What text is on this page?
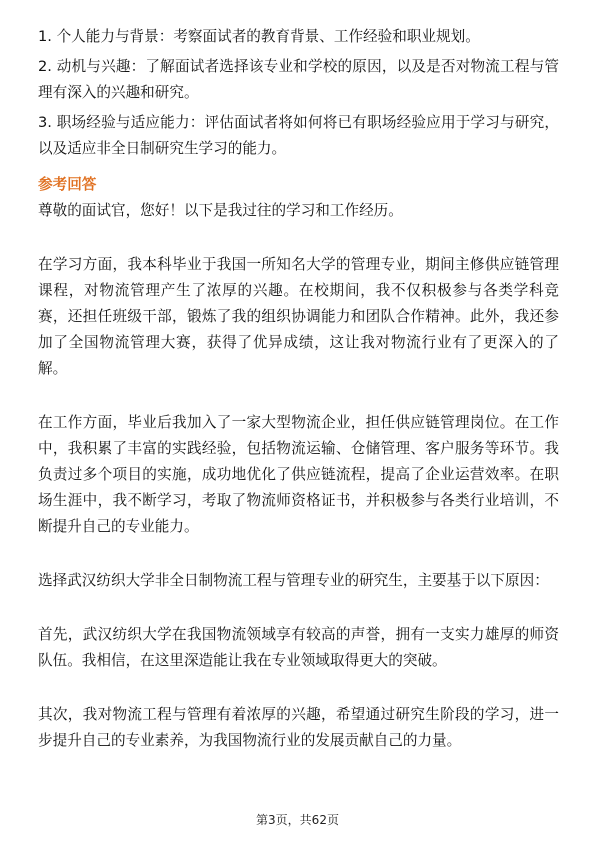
1. 个人能力与背景：考察面试者的教育背景、工作经验和职业规划。

2. 动机与兴趣：了解面试者选择该专业和学校的原因，以及是否对物流工程与管理有深入的兴趣和研究。

3. 职场经验与适应能力：评估面试者将如何将已有职场经验应用于学习与研究，以及适应非全日制研究生学习的能力。

参考回答

尊敬的面试官，您好！以下是我过往的学习和工作经历。

在学习方面，我本科毕业于我国一所知名大学的管理专业，期间主修供应链管理课程，对物流管理产生了浓厚的兴趣。在校期间，我不仅积极参与各类学科竞赛，还担任班级干部，锻炼了我的组织协调能力和团队合作精神。此外，我还参加了全国物流管理大赛，获得了优异成绩，这让我对物流行业有了更深入的了解。

在工作方面，毕业后我加入了一家大型物流企业，担任供应链管理岗位。在工作中，我积累了丰富的实践经验，包括物流运输、仓储管理、客户服务等环节。我负责过多个项目的实施，成功地优化了供应链流程，提高了企业运营效率。在职场生涯中，我不断学习，考取了物流师资格证书，并积极参与各类行业培训，不断提升自己的专业能力。

选择武汉纺织大学非全日制物流工程与管理专业的研究生，主要基于以下原因：

首先，武汉纺织大学在我国物流领域享有较高的声誉，拥有一支实力雄厚的师资队伍。我相信，在这里深造能让我在专业领域取得更大的突破。

其次，我对物流工程与管理有着浓厚的兴趣，希望通过研究生阶段的学习，进一步提升自己的专业素养，为我国物流行业的发展贡献自己的力量。

第3页，共62页
